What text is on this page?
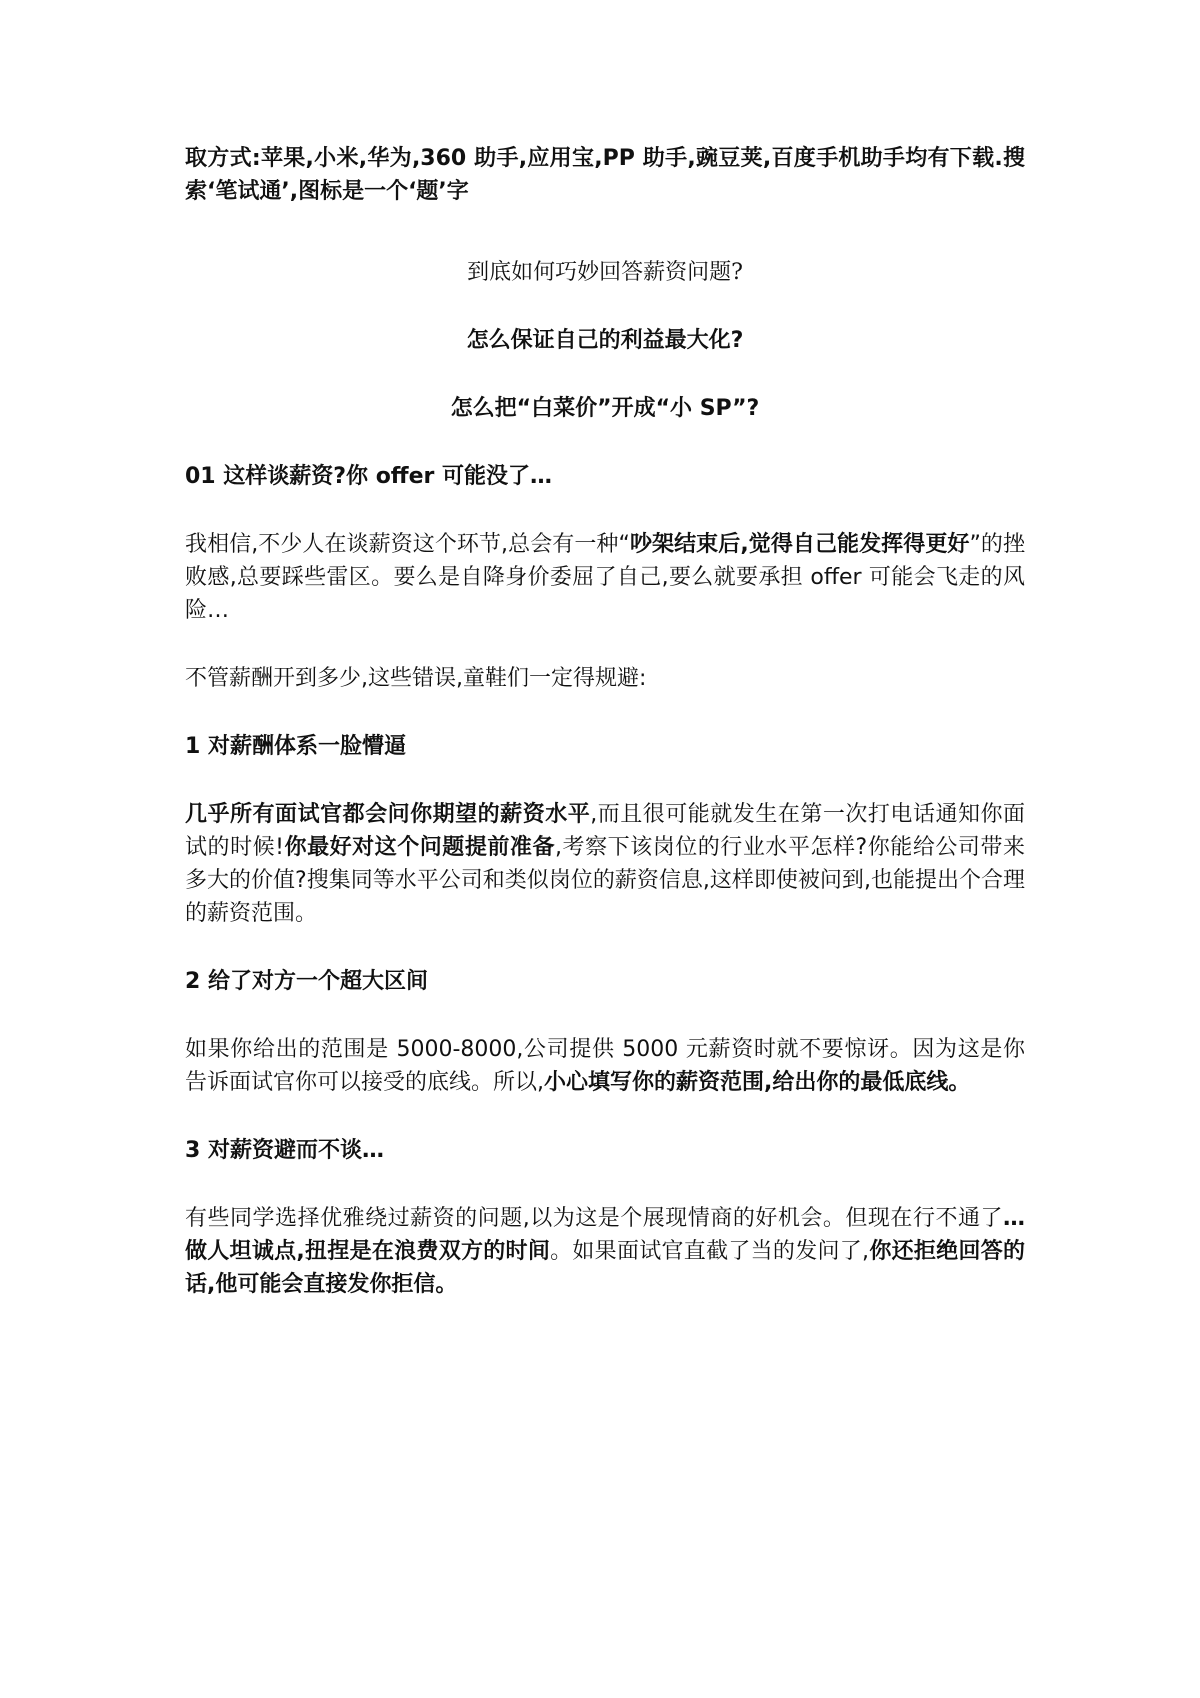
取方式:苹果,小米,华为,360 助手,应用宝,PP 助手,豌豆荚,百度手机助手均有下载.搜索‘笔试通’,图标是一个‘题’字

到底如何巧妙回答薪资问题?

怎么保证自己的利益最大化?

怎么把“白菜价”开成“小 SP”?

01 这样谈薪资?你 offer 可能没了…

我相信,不少人在谈薪资这个环节,总会有一种“吵架结束后,觉得自己能发挥得更好”的挫败感,总要踩些雷区。要么是自降身价委屈了自己,要么就要承担 offer 可能会飞走的风险…

不管薪酬开到多少,这些错误,童鞋们一定得规避:

1 对薪酬体系一脸懵逼

几乎所有面试官都会问你期望的薪资水平,而且很可能就发生在第一次打电话通知你面试的时候!你最好对这个问题提前准备,考察下该岗位的行业水平怎样?你能给公司带来多大的价值?搜集同等水平公司和类似岗位的薪资信息,这样即使被问到,也能提出个合理的薪资范围。

2 给了对方一个超大区间

如果你给出的范围是 5000-8000,公司提供 5000 元薪资时就不要惊讶。因为这是你告诉面试官你可以接受的底线。所以,小心填写你的薪资范围,给出你的最低底线。

3 对薪资避而不谈…

有些同学选择优雅绕过薪资的问题,以为这是个展现情商的好机会。但现在行不通了…做人坦诚点,扭捏是在浪费双方的时间。如果面试官直截了当的发问了,你还拒绝回答的话,他可能会直接发你拒信。
